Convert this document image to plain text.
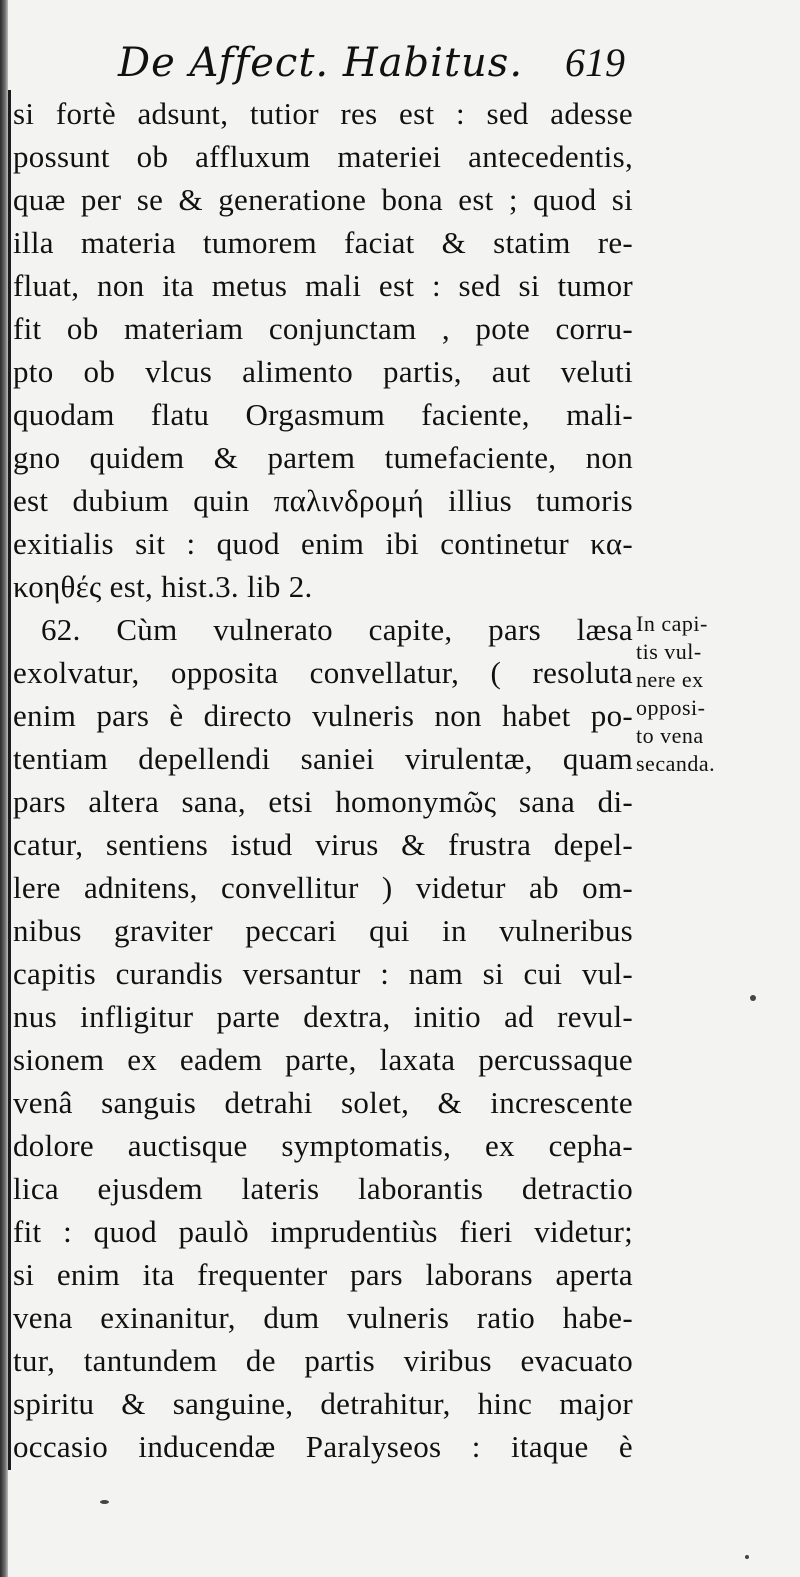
De Affect. Habitus. 619
si fortè adsunt, tutior res est : sed adesse
possunt ob affluxum materiei antecedentis,
quæ per se & generatione bona est ; quod si
illa materia tumorem faciat & statim re-
fluat, non ita metus mali est : sed si tumor
fit ob materiam conjunctam , pote corru-
pto ob vlcus alimento partis, aut veluti
quodam flatu Orgasmum faciente, mali-
gno quidem & partem tumefaciente, non
est dubium quin παλινδρομή illius tumoris
exitialis sit : quod enim ibi continetur κα-
κοηθές est, hist.3. lib 2.
62. Cùm vulnerato capite, pars læsa
exolvatur, opposita convellatur, ( resoluta
enim pars è directo vulneris non habet po-
tentiam depellendi saniei virulentæ, quam
pars altera sana, etsi homonymῶς sana di-
catur, sentiens istud virus & frustra depel-
lere adnitens, convellitur ) videtur ab om-
nibus graviter peccari qui in vulneribus
capitis curandis versantur : nam si cui vul-
nus infligitur parte dextra, initio ad revul-
sionem ex eadem parte, laxata percussaque
venâ sanguis detrahi solet, & increscente
dolore auctisque symptomatis, ex cepha-
lica ejusdem lateris laborantis detractio
fit : quod paulò imprudentiùs fieri videtur;
si enim ita frequenter pars laborans aperta
vena exinanitur, dum vulneris ratio habe-
tur, tantundem de partis viribus evacuato
spiritu & sanguine, detrahitur, hinc major
occasio inducendæ Paralyseos : itaque è
In capi-
tis vul-
nere ex
opposi-
to vena
secanda.
